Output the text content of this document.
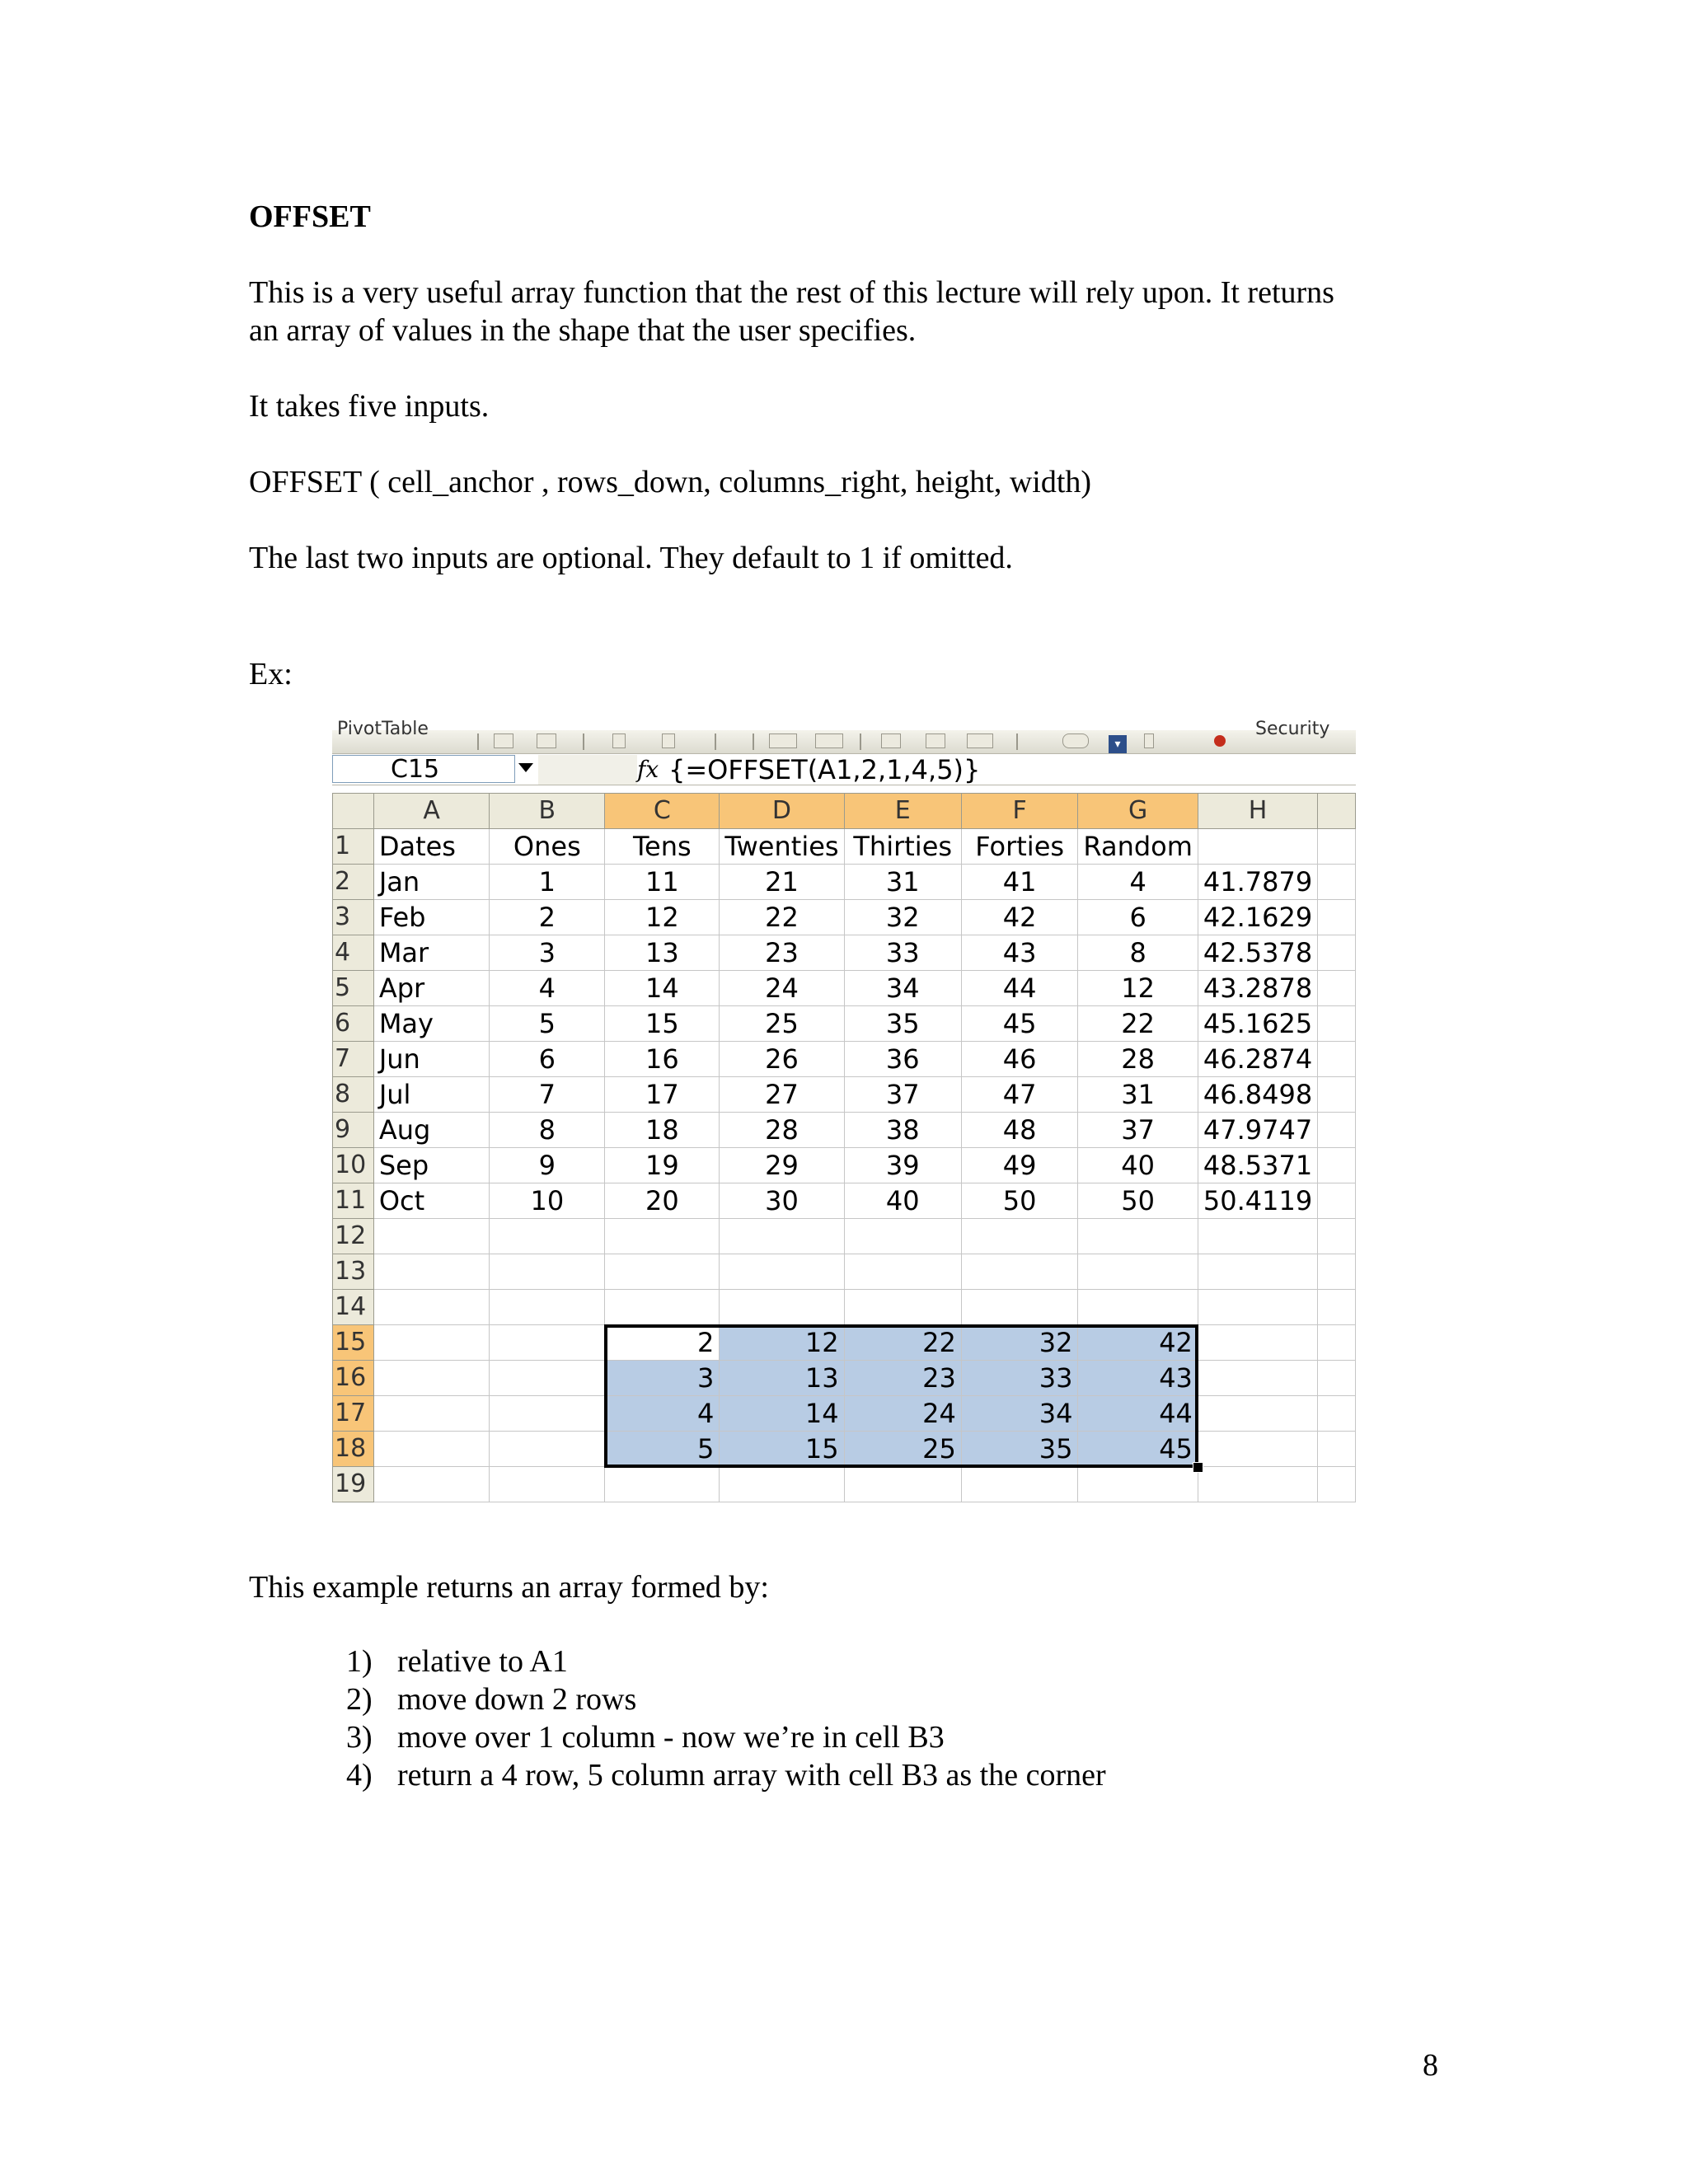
OFFSET
This is a very useful array function that the rest of this lecture will rely upon. It returns
an array of values in the shape that the user specifies.
It takes five inputs.
OFFSET ( cell_anchor , rows_down, columns_right, height, width)
The last two inputs are optional. They default to 1 if omitted.
Ex:
PivotTable
▾
Security
C15	fx {=OFFSET(A1,2,1,4,5)}
	A	B	C	D	E	F	G	H	
1	Dates	Ones	Tens	Twenties	Thirties	Forties	Random		
2	Jan	1	11	21	31	41	4	41.7879	
3	Feb	2	12	22	32	42	6	42.1629	
4	Mar	3	13	23	33	43	8	42.5378	
5	Apr	4	14	24	34	44	12	43.2878	
6	May	5	15	25	35	45	22	45.1625	
7	Jun	6	16	26	36	46	28	46.2874	
8	Jul	7	17	27	37	47	31	46.8498	
9	Aug	8	18	28	38	48	37	47.9747	
10	Sep	9	19	29	39	49	40	48.5371	
11	Oct	10	20	30	40	50	50	50.4119	
12									
13									
14									
15			2	12	22	32	42		
16			3	13	23	33	43		
17			4	14	24	34	44		
18			5	15	25	35	45		
19									
This example returns an array formed by:
1) relative to A1
2) move down 2 rows
3) move over 1 column - now we’re in cell B3
4) return a 4 row, 5 column array with cell B3 as the corner
8
